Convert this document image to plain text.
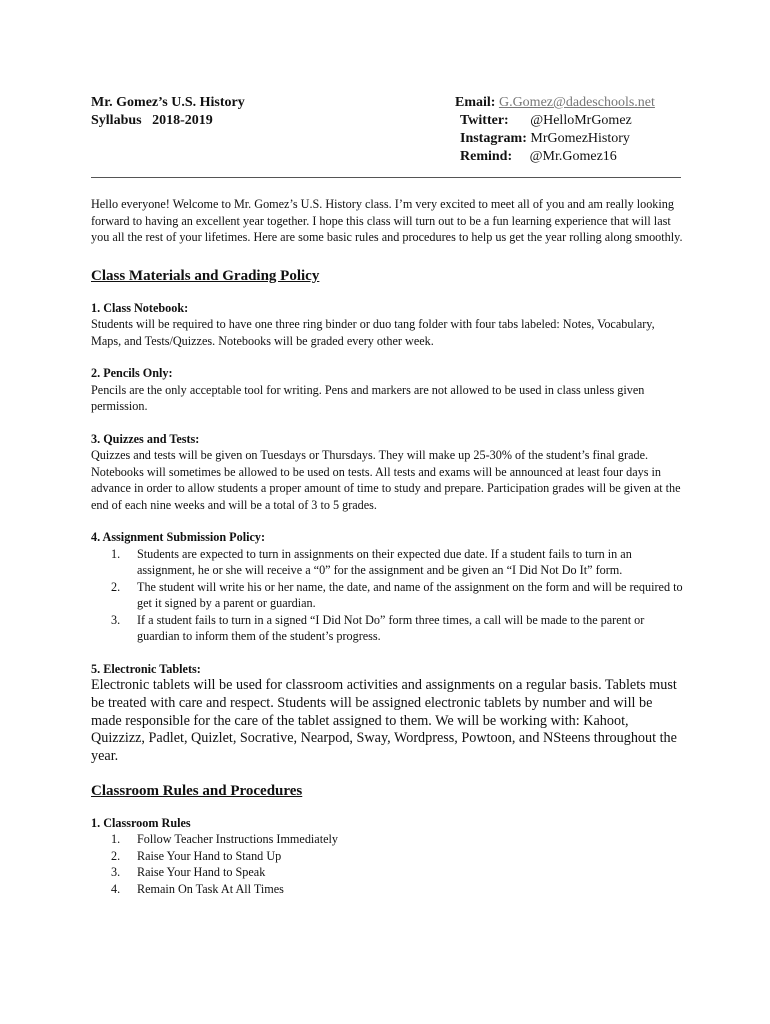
Mr. Gomez’s U.S. History
Syllabus   2018-2019
Email: G.Gomez@dadeschools.net
Twitter: @HelloMrGomez
Instagram: MrGomezHistory
Remind: @Mr.Gomez16

Hello everyone! Welcome to Mr. Gomez’s U.S. History class. I’m very excited to meet all of you and am really looking forward to having an excellent year together. I hope this class will turn out to be a fun learning experience that will last you all the rest of your lifetimes. Here are some basic rules and procedures to help us get the year rolling along smoothly.

Class Materials and Grading Policy
1. Class Notebook:

Students will be required to have one three ring binder or duo tang folder with four tabs labeled: Notes, Vocabulary, Maps, and Tests/Quizzes. Notebooks will be graded every other week.

2. Pencils Only:

Pencils are the only acceptable tool for writing. Pens and markers are not allowed to be used in class unless given permission.

3. Quizzes and Tests:

Quizzes and tests will be given on Tuesdays or Thursdays. They will make up 25-30% of the student’s final grade. Notebooks will sometimes be allowed to be used on tests. All tests and exams will be announced at least four days in advance in order to allow students a proper amount of time to study and prepare. Participation grades will be given at the end of each nine weeks and will be a total of 3 to 5 grades.

4. Assignment Submission Policy:
1. Students are expected to turn in assignments on their expected due date. If a student fails to turn in an assignment, he or she will receive a “0” for the assignment and be given an “I Did Not Do It” form.
2. The student will write his or her name, the date, and name of the assignment on the form and will be required to get it signed by a parent or guardian.
3. If a student fails to turn in a signed “I Did Not Do” form three times, a call will be made to the parent or guardian to inform them of the student’s progress.
5. Electronic Tablets:

Electronic tablets will be used for classroom activities and assignments on a regular basis. Tablets must be treated with care and respect. Students will be assigned electronic tablets by number and will be made responsible for the care of the tablet assigned to them. We will be working with: Kahoot, Quizzizz, Padlet, Quizlet, Socrative, Nearpod, Sway, Wordpress, Powtoon, and NSteens throughout the year.

Classroom Rules and Procedures
1. Classroom Rules
1. Follow Teacher Instructions Immediately
2. Raise Your Hand to Stand Up
3. Raise Your Hand to Speak
4. Remain On Task At All Times
